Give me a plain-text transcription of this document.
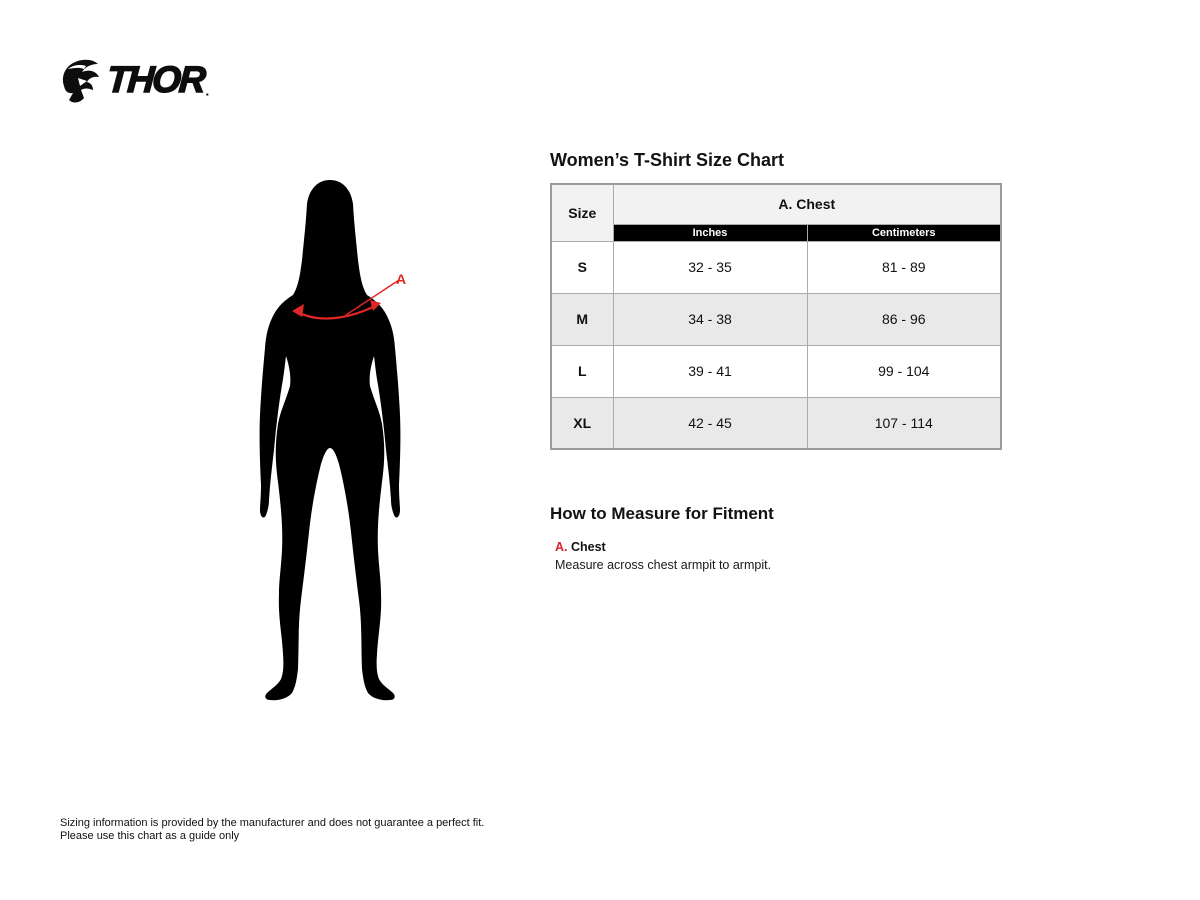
THOR ▪
A
Women’s T-Shirt Size Chart
Size	A. Chest	
	Inches	Centimeters
S	32 - 35	81 - 89
M	34 - 38	86 - 96
L	39 - 41	99 - 104
XL	42 - 45	107 - 114
How to Measure for Fitment
A. Chest
Measure across chest armpit to armpit.
Sizing information is provided by the manufacturer and does not guarantee a perfect fit.
Please use this chart as a guide only
